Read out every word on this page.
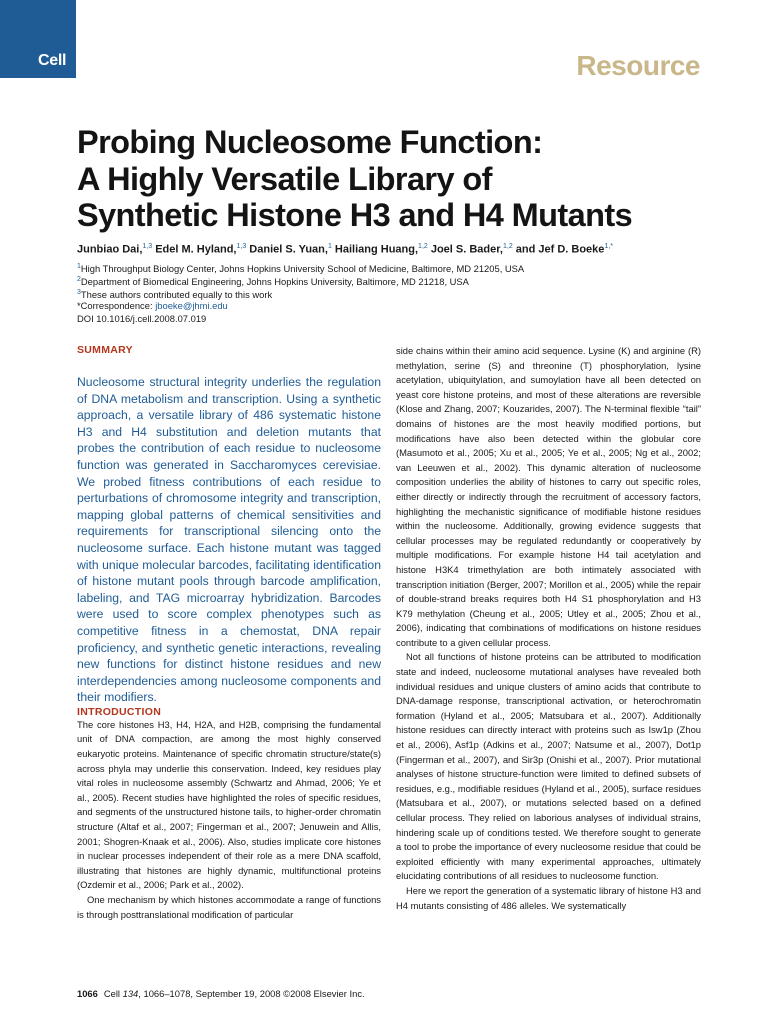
Cell	Resource
Probing Nucleosome Function:
A Highly Versatile Library of
Synthetic Histone H3 and H4 Mutants
Junbiao Dai,$^{1,3}$ Edel M. Hyland,$^{1,3}$ Daniel S. Yuan,$^1$ Hailiang Huang,$^{1,2}$ Joel S. Bader,$^{1,2}$ and Jef D. Boeke$^{1,*}$
$^1$High Throughput Biology Center, Johns Hopkins University School of Medicine, Baltimore, MD 21205, USA
$^2$Department of Biomedical Engineering, Johns Hopkins University, Baltimore, MD 21218, USA
$^3$These authors contributed equally to this work
*Correspondence: jboeke@jhmi.edu
DOI 10.1016/j.cell.2008.07.019
SUMMARY

Nucleosome structural integrity underlies the regulation of DNA metabolism and transcription. Using a synthetic approach, a versatile library of 486 systematic histone H3 and H4 substitution and deletion mutants that probes the contribution of each residue to nucleosome function was generated in Saccharomyces cerevisiae. We probed fitness contributions of each residue to perturbations of chromosome integrity and transcription, mapping global patterns of chemical sensitivities and requirements for transcriptional silencing onto the nucleosome surface. Each histone mutant was tagged with unique molecular barcodes, facilitating identification of histone mutant pools through barcode amplification, labeling, and TAG microarray hybridization. Barcodes were used to score complex phenotypes such as competitive fitness in a chemostat, DNA repair proficiency, and synthetic genetic interactions, revealing new functions for distinct histone residues and new interdependencies among nucleosome components and their modifiers.

INTRODUCTION

The core histones H3, H4, H2A, and H2B, comprising the fundamental unit of DNA compaction, are among the most highly conserved eukaryotic proteins. Maintenance of specific chromatin structure/state(s) across phyla may underlie this conservation. Indeed, key residues play vital roles in nucleosome assembly (Schwartz and Ahmad, 2006; Ye et al., 2005). Recent studies have highlighted the roles of specific residues, and segments of the unstructured histone tails, to higher-order chromatin structure (Altaf et al., 2007; Fingerman et al., 2007; Jenuwein and Allis, 2001; Shogren-Knaak et al., 2006). Also, studies implicate core histones in nuclear processes independent of their role as a mere DNA scaffold, illustrating that histones are highly dynamic, multifunctional proteins (Ozdemir et al., 2006; Park et al., 2002).

One mechanism by which histones accommodate a range of functions is through posttranslational modification of particular

side chains within their amino acid sequence. Lysine (K) and arginine (R) methylation, serine (S) and threonine (T) phosphorylation, lysine acetylation, ubiquitylation, and sumoylation have all been detected on yeast core histone proteins, and most of these alterations are reversible (Klose and Zhang, 2007; Kouzarides, 2007). The N-terminal flexible “tail” domains of histones are the most heavily modified portions, but modifications have also been detected within the globular core (Masumoto et al., 2005; Xu et al., 2005; Ye et al., 2005; Ng et al., 2002; van Leeuwen et al., 2002). This dynamic alteration of nucleosome composition underlies the ability of histones to carry out specific roles, either directly or indirectly through the recruitment of accessory factors, highlighting the mechanistic significance of modifiable histone residues within the nucleosome. Additionally, growing evidence suggests that cellular processes may be regulated redundantly or cooperatively by multiple modifications. For example histone H4 tail acetylation and histone H3K4 trimethylation are both intimately associated with transcription initiation (Berger, 2007; Morillon et al., 2005) while the repair of double-strand breaks requires both H4 S1 phosphorylation and H3 K79 methylation (Cheung et al., 2005; Utley et al., 2005; Zhou et al., 2006), indicating that combinations of modifications on histone residues contribute to a given cellular process.

Not all functions of histone proteins can be attributed to modification state and indeed, nucleosome mutational analyses have revealed both individual residues and unique clusters of amino acids that contribute to DNA-damage response, transcriptional activation, or heterochromatin formation (Hyland et al., 2005; Matsubara et al., 2007). Additionally histone residues can directly interact with proteins such as Isw1p (Zhou et al., 2006), Asf1p (Adkins et al., 2007; Natsume et al., 2007), Dot1p (Fingerman et al., 2007), and Sir3p (Onishi et al., 2007). Prior mutational analyses of histone structure-function were limited to defined subsets of residues, e.g., modifiable residues (Hyland et al., 2005), surface residues (Matsubara et al., 2007), or mutations selected based on a defined cellular process. They relied on laborious analyses of individual strains, hindering scale up of conditions tested. We therefore sought to generate a tool to probe the importance of every nucleosome residue that could be exploited efficiently with many experimental approaches, ultimately elucidating contributions of all residues to nucleosome function.

Here we report the generation of a systematic library of histone H3 and H4 mutants consisting of 486 alleles. We systematically

1066 Cell 134, 1066–1078, September 19, 2008 ©2008 Elsevier Inc.
